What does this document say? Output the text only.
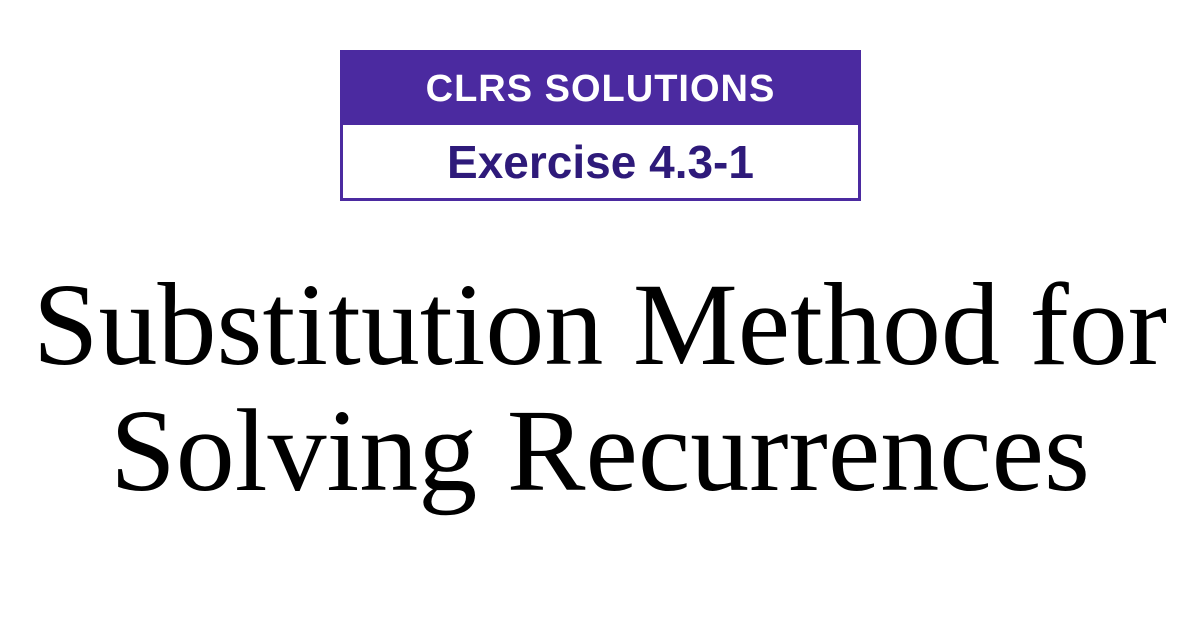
CLRS SOLUTIONS
Exercise 4.3-1
Substitution Method for
Solving Recurrences
